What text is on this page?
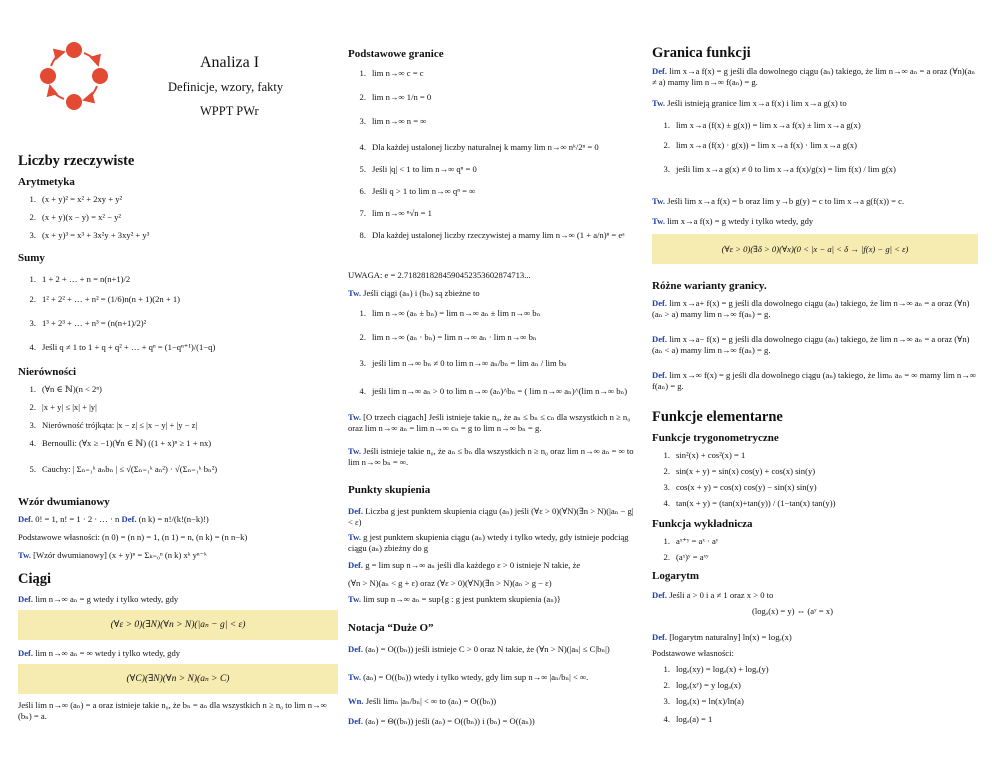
Analiza I
Definicje, wzory, fakty
WPPT PWr
Liczby rzeczywiste
Arytmetyka
1. (x + y)² = x² + 2xy + y²
2. (x + y)(x − y) = x² − y²
3. (x + y)³ = x³ + 3x²y + 3xy² + y³
Sumy
1. 1 + 2 + … + n = n(n+1)/2
2. 1² + 2² + … + n² = (1/6)n(n + 1)(2n + 1)
3. 1³ + 2³ + … + n³ = (n(n+1)/2)²
4. Jeśli q ≠ 1 to 1 + q + q² + … + qⁿ = (1−qⁿ⁺¹)/(1−q)
Nierówności
1. (∀n ∈ ℕ)(n < 2ⁿ)
2. |x + y| ≤ |x| + |y|
3. Nierówność trójkąta: |x − z| ≤ |x − y| + |y − z|
4. Bernoulli: (∀x ≥ −1)(∀n ∈ ℕ) ((1 + x)ⁿ ≥ 1 + nx)
5. Cauchy: | Σₙ₌₁ᵏ aₙbₙ | ≤ √(Σₙ₌₁ᵏ aₙ²) · √(Σₙ₌₁ᵏ bₙ²)
Wzór dwumianowy
Def. 0! = 1, n! = 1 · 2 · … · n Def. (n k) = n!/(k!(n−k)!)
Podstawowe własności: (n 0) = (n n) = 1, (n 1) = n, (n k) = (n n−k)
Tw. [Wzór dwumianowy] (x + y)ⁿ = Σₖ₌₀ⁿ (n k) xᵏ yⁿ⁻ᵏ
Ciągi
Def. lim n→∞ aₙ = g wtedy i tylko wtedy, gdy
(∀ε > 0)(∃N)(∀n > N)(|aₙ − g| < ε)
Def. lim n→∞ aₙ = ∞ wtedy i tylko wtedy, gdy
(∀C)(∃N)(∀n > N)(aₙ > C)
Jeśli lim n→∞ (aₙ) = a oraz istnieje takie n₀, że bₙ = aₙ dla wszystkich n ≥ n₀ to lim n→∞ (bₙ) = a.
Podstawowe granice
1. lim n→∞ c = c
2. lim n→∞ 1/n = 0
3. lim n→∞ n = ∞
4. Dla każdej ustalonej liczby naturalnej k mamy lim n→∞ nᵏ/2ⁿ = 0
5. Jeśli |q| < 1 to lim n→∞ qⁿ = 0
6. Jeśli q > 1 to lim n→∞ qⁿ = ∞
7. lim n→∞ ⁿ√n = 1
8. Dla każdej ustalonej liczby rzeczywistej a mamy lim n→∞ (1 + a/n)ⁿ = eᵃ
UWAGA: e = 2.7182818284590452353602874713...
Tw. Jeśli ciągi (aₙ) i (bₙ) są zbieżne to
1. lim n→∞ (aₙ ± bₙ) = lim n→∞ aₙ ± lim n→∞ bₙ
2. lim n→∞ (aₙ · bₙ) = lim n→∞ aₙ · lim n→∞ bₙ
3. jeśli lim n→∞ bₙ ≠ 0 to lim n→∞ aₙ/bₙ = lim aₙ / lim bₙ
4. jeśli lim n→∞ aₙ > 0 to lim n→∞ (aₙ)^bₙ = ( lim n→∞ aₙ)^(lim n→∞ bₙ)
Tw. [O trzech ciągach] Jeśli istnieje takie n₀, że aₙ ≤ bₙ ≤ cₙ dla wszystkich n ≥ n₀ oraz lim n→∞ aₙ = lim n→∞ cₙ = g to lim n→∞ bₙ = g.
Tw. Jeśli istnieje takie n₀, że aₙ ≤ bₙ dla wszystkich n ≥ n₀ oraz lim n→∞ aₙ = ∞ to lim n→∞ bₙ = ∞.
Punkty skupienia
Def. Liczba g jest punktem skupienia ciągu (aₙ) jeśli (∀ε > 0)(∀N)(∃n > N)(|aₙ − g| < ε)
Tw. g jest punktem skupienia ciągu (aₙ) wtedy i tylko wtedy, gdy istnieje podciąg ciągu (aₙ) zbieżny do g
Def. g = lim sup n→∞ aₙ jeśli dla każdego ε > 0 istnieje N takie, że
(∀n > N)(aₙ < g + ε) oraz (∀ε > 0)(∀N)(∃n > N)(aₙ > g − ε)
Tw. lim sup n→∞ aₙ = sup{g : g jest punktem skupienia (aₙ)}
Notacja “Duże O”
Def. (aₙ) = O((bₙ)) jeśli istnieje C > 0 oraz N takie, że (∀n > N)(|aₙ| ≤ C|bₙ|)
Tw. (aₙ) = O((bₙ)) wtedy i tylko wtedy, gdy lim sup n→∞ |aₙ/bₙ| < ∞.
Wn. Jeśli limₙ |aₙ/bₙ| < ∞ to (aₙ) = O((bₙ))
Def. (aₙ) = Θ((bₙ)) jeśli (aₙ) = O((bₙ)) i (bₙ) = O((aₙ))
Granica funkcji
Def. lim x→a f(x) = g jeśli dla dowolnego ciągu (aₙ) takiego, że lim n→∞ aₙ = a oraz (∀n)(aₙ ≠ a) mamy lim n→∞ f(aₙ) = g.
Tw. Jeśli istnieją granice lim x→a f(x) i lim x→a g(x) to
1. lim x→a (f(x) ± g(x)) = lim x→a f(x) ± lim x→a g(x)
2. lim x→a (f(x) · g(x)) = lim x→a f(x) · lim x→a g(x)
3. jeśli lim x→a g(x) ≠ 0 to lim x→a f(x)/g(x) = lim f(x) / lim g(x)
Tw. Jeśli lim x→a f(x) = b oraz lim y→b g(y) = c to lim x→a g(f(x)) = c.
Tw. lim x→a f(x) = g wtedy i tylko wtedy, gdy
(∀ε > 0)(∃δ > 0)(∀x)(0 < |x − a| < δ → |f(x) − g| < ε)
Różne warianty granicy.
Def. lim x→a+ f(x) = g jeśli dla dowolnego ciągu (aₙ) takiego, że lim n→∞ aₙ = a oraz (∀n)(aₙ > a) mamy lim n→∞ f(aₙ) = g.
Def. lim x→a− f(x) = g jeśli dla dowolnego ciągu (aₙ) takiego, że lim n→∞ aₙ = a oraz (∀n)(aₙ < a) mamy lim n→∞ f(aₙ) = g.
Def. lim x→∞ f(x) = g jeśli dla dowolnego ciągu (aₙ) takiego, że limₙ aₙ = ∞ mamy lim n→∞ f(aₙ) = g.
Funkcje elementarne
Funkcje trygonometryczne
1. sin²(x) + cos²(x) = 1
2. sin(x + y) = sin(x) cos(y) + cos(x) sin(y)
3. cos(x + y) = cos(x) cos(y) − sin(x) sin(y)
4. tan(x + y) = (tan(x)+tan(y)) / (1−tan(x) tan(y))
Funkcja wykładnicza
1. aˣ⁺ʸ = aˣ · aʸ
2. (aˣ)ʸ = aˣʸ
Logarytm
Def. Jeśli a > 0 i a ≠ 1 oraz x > 0 to
(logₐ(x) = y) ⇔ (aʸ = x)
Def. [logarytm naturalny] ln(x) = logₑ(x)
Podstawowe własności:
1. logₐ(xy) = logₐ(x) + logₐ(y)
2. logₐ(xʸ) = y logₐ(x)
3. logₐ(x) = ln(x)/ln(a)
4. logₐ(a) = 1
